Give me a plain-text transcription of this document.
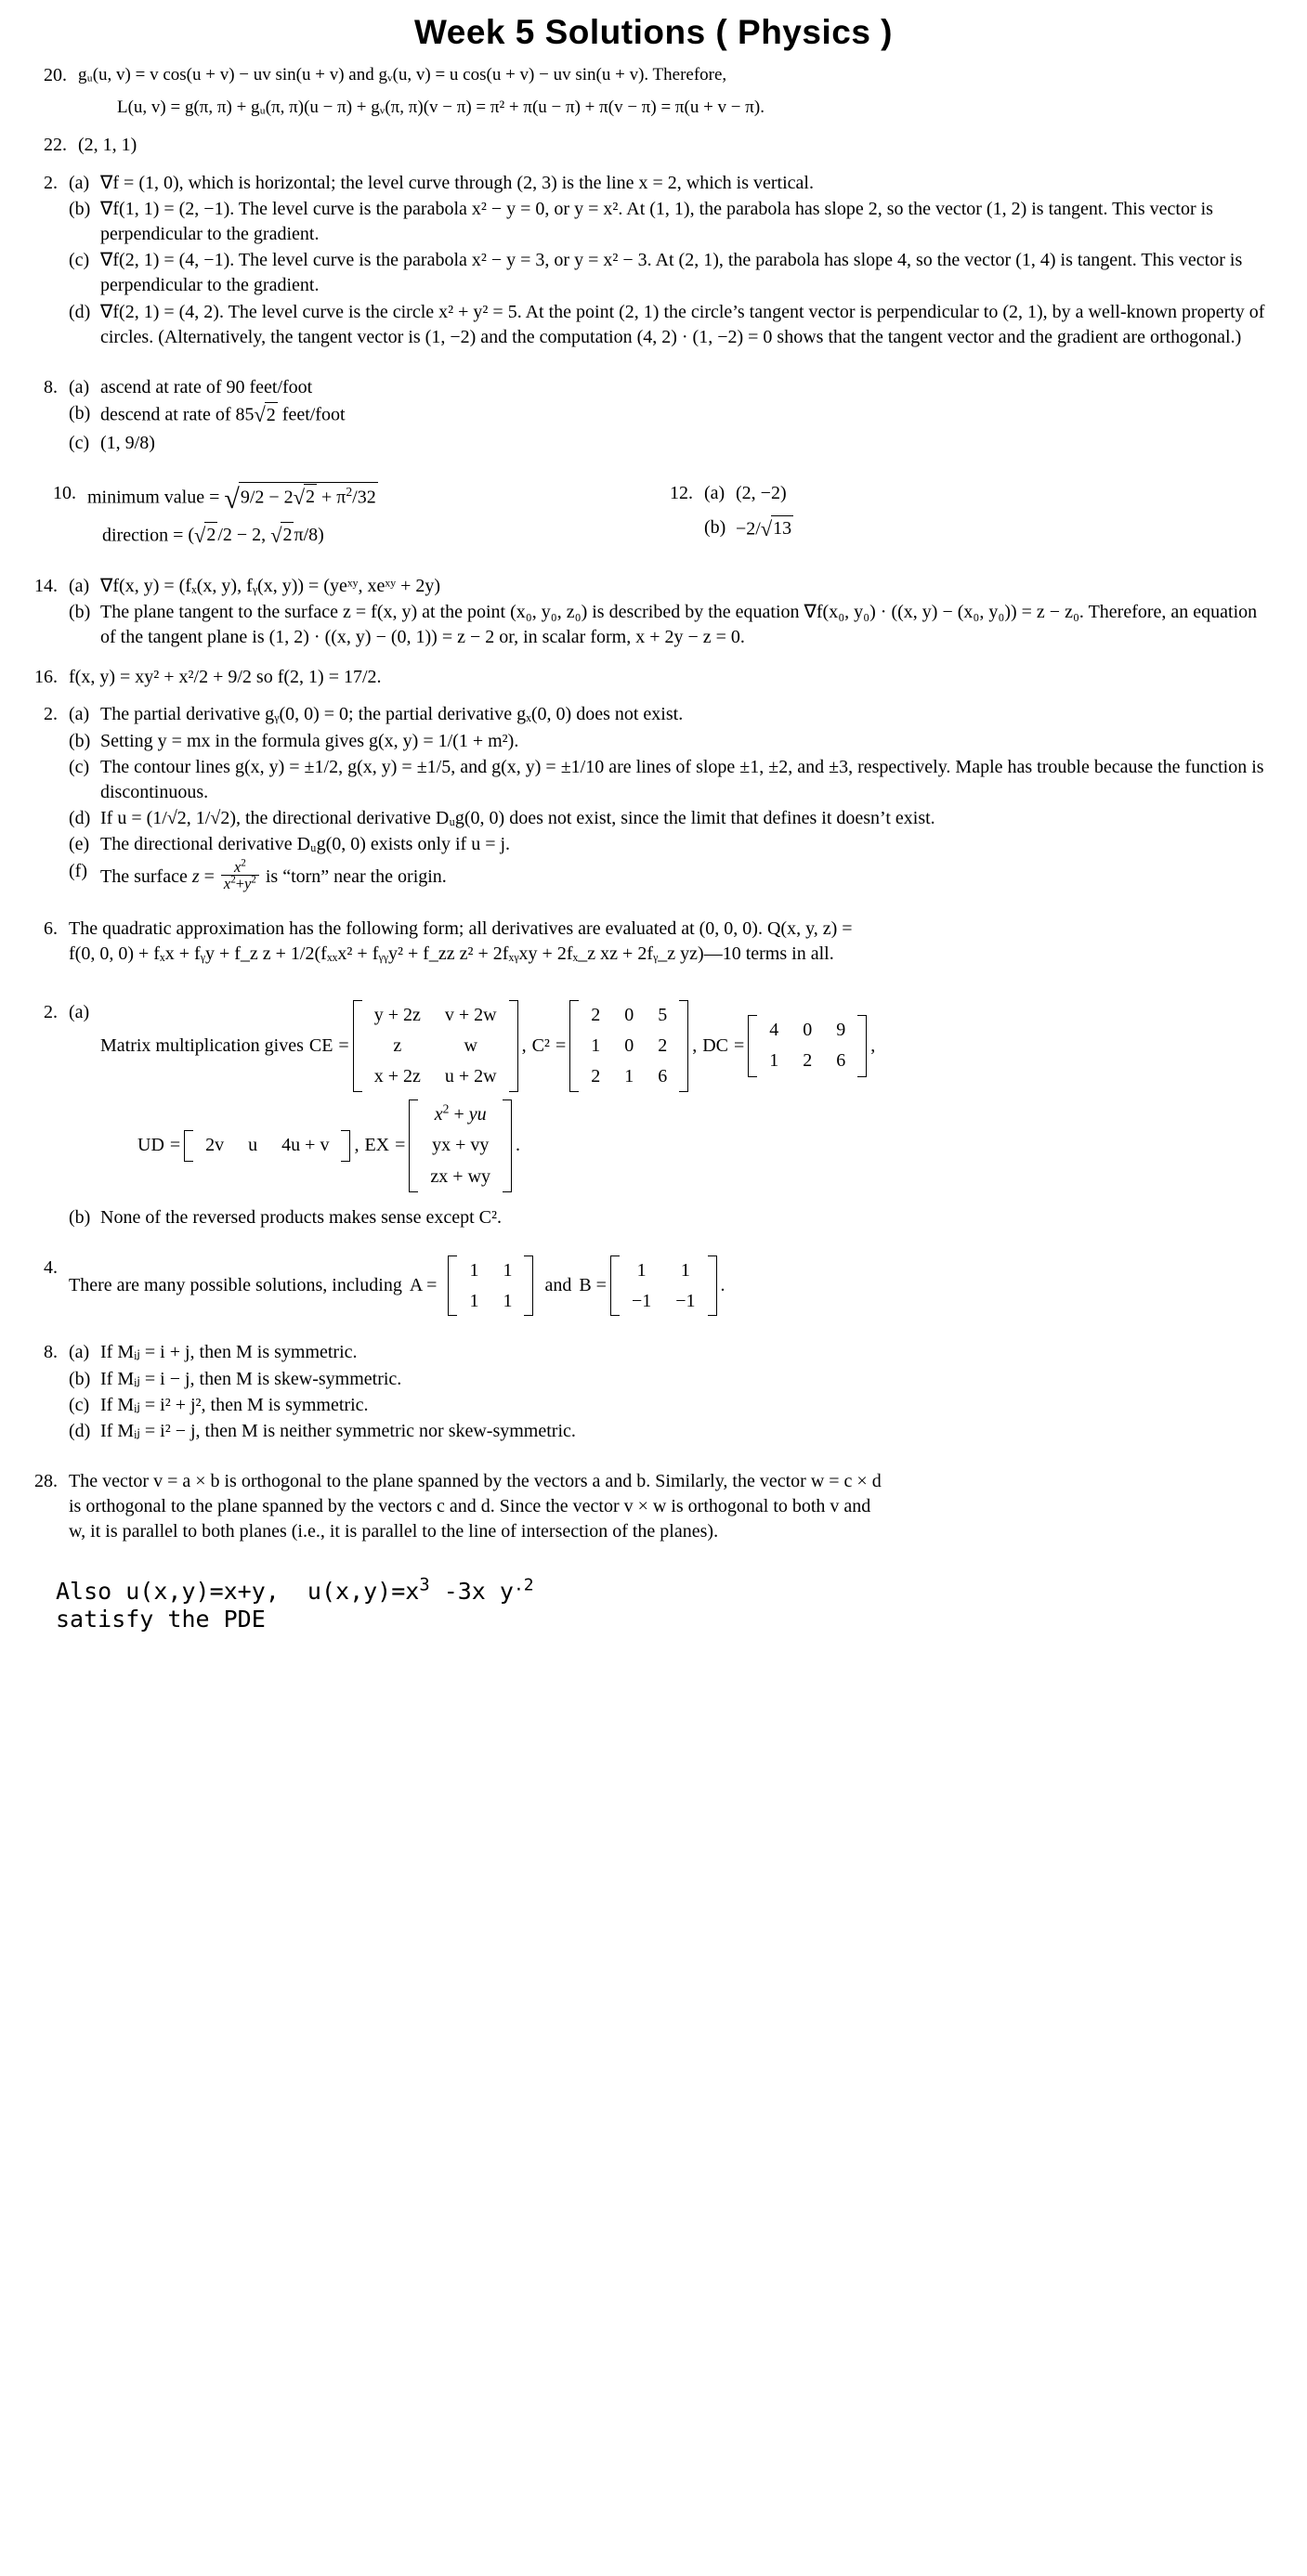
Week 5 Solutions ( Physics )
20. gᵤ(u, v) = v cos(u + v) − uv sin(u + v) and gᵥ(u, v) = u cos(u + v) − uv sin(u + v). Therefore,
L(u, v) = g(π, π) + gᵤ(π, π)(u − π) + gᵥ(π, π)(v − π) = π² + π(u − π) + π(v − π) = π(u + v − π).
22. (2, 1, 1)
2. (a) ∇f = (1, 0), which is horizontal; the level curve through (2, 3) is the line x = 2, which is vertical.
(b) ∇f(1, 1) = (2, −1). The level curve is the parabola x² − y = 0, or y = x². At (1, 1), the parabola has slope 2, so the vector (1, 2) is tangent. This vector is perpendicular to the gradient.
(c) ∇f(2, 1) = (4, −1). The level curve is the parabola x² − y = 3, or y = x² − 3. At (2, 1), the parabola has slope 4, so the vector (1, 4) is tangent. This vector is perpendicular to the gradient.
(d) ∇f(2, 1) = (4, 2). The level curve is the circle x² + y² = 5. At the point (2, 1) the circle’s tangent vector is perpendicular to (2, 1), by a well-known property of circles. (Alternatively, the tangent vector is (1, −2) and the computation (4, 2) · (1, −2) = 0 shows that the tangent vector and the gradient are orthogonal.)
8. (a) ascend at rate of 90 feet/foot
(b) descend at rate of 85√2 feet/foot
(c) (1, 9/8)
10. minimum value = $√9/2 - 2√2 + \pi^2/32$
direction = (√2 /2 − 2, √2 π/8)
12. (a) (2, −2)
(b) −2/√13
14. (a) ∇f(x, y) = (fₓ(x, y), fᵧ(x, y)) = (yeˣʸ, xeˣʸ + 2y)
(b) The plane tangent to the surface z = f(x, y) at the point (x₀, y₀, z₀) is described by the equation ∇f(x₀, y₀) · ((x, y) − (x₀, y₀)) = z − z₀. Therefore, an equation of the tangent plane is (1, 2) · ((x, y) − (0, 1)) = z − 2 or, in scalar form, x + 2y − z = 0.
16. f(x, y) = xy² + x²/2 + 9/2 so f(2, 1) = 17/2.
2. (a) The partial derivative gᵧ(0, 0) = 0; the partial derivative gₓ(0, 0) does not exist.
(b) Setting y = mx in the formula gives g(x, y) = 1/(1 + m²).
(c) The contour lines g(x, y) = ±1/2, g(x, y) = ±1/5, and g(x, y) = ±1/10 are lines of slope ±1, ±2, and ±3, respectively. Maple has trouble because the function is discontinuous.
(d) If u = (1/√2, 1/√2), the directional derivative Dᵤg(0, 0) does not exist, since the limit that defines it doesn’t exist.
(e) The directional derivative Dᵤg(0, 0) exists only if u = j.
(f) The surface $z = \frac{x^2}{x^2+y^2}$ is “torn” near the origin.
6. The quadratic approximation has the following form; all derivatives are evaluated at (0, 0, 0). Q(x, y, z) =
f(0, 0, 0) + fₓx + fᵧy + f_z z + 1/2(fₓₓx² + fᵧᵧy² + f_zz z² + 2fₓᵧxy + 2fₓ_z xz + 2fᵧ_z yz)—10 terms in all.
2. (a)
Matrix multiplication gives CE =
y + 2z	v + 2w
z	w
x + 2z	u + 2w
, C² =
2	0	5
1	0	2
2	1	6
, DC =
4	0	9
1	2	6
,
UD = 2v	u	4u + v , EX =
$x^2$ + yu
yx + vy
zx + wy
.
(b) None of the reversed products makes sense except C².
4.
There are many possible solutions, including A =
1	1
1	1
and B =
1	1
−1	−1
.
8. (a) If Mᵢⱼ = i + j, then M is symmetric.
(b) If Mᵢⱼ = i − j, then M is skew-symmetric.
(c) If Mᵢⱼ = i² + j², then M is symmetric.
(d) If Mᵢⱼ = i² − j, then M is neither symmetric nor skew-symmetric.
28. The vector v = a × b is orthogonal to the plane spanned by the vectors a and b. Similarly, the vector w = c × d
is orthogonal to the plane spanned by the vectors c and d. Since the vector v × w is orthogonal to both v and
w, it is parallel to both planes (i.e., it is parallel to the line of intersection of the planes).
Also u(x,y)=x+y,  $u(x,y)=x^3$ -3x $y^{.2}$
satisfy the PDE
